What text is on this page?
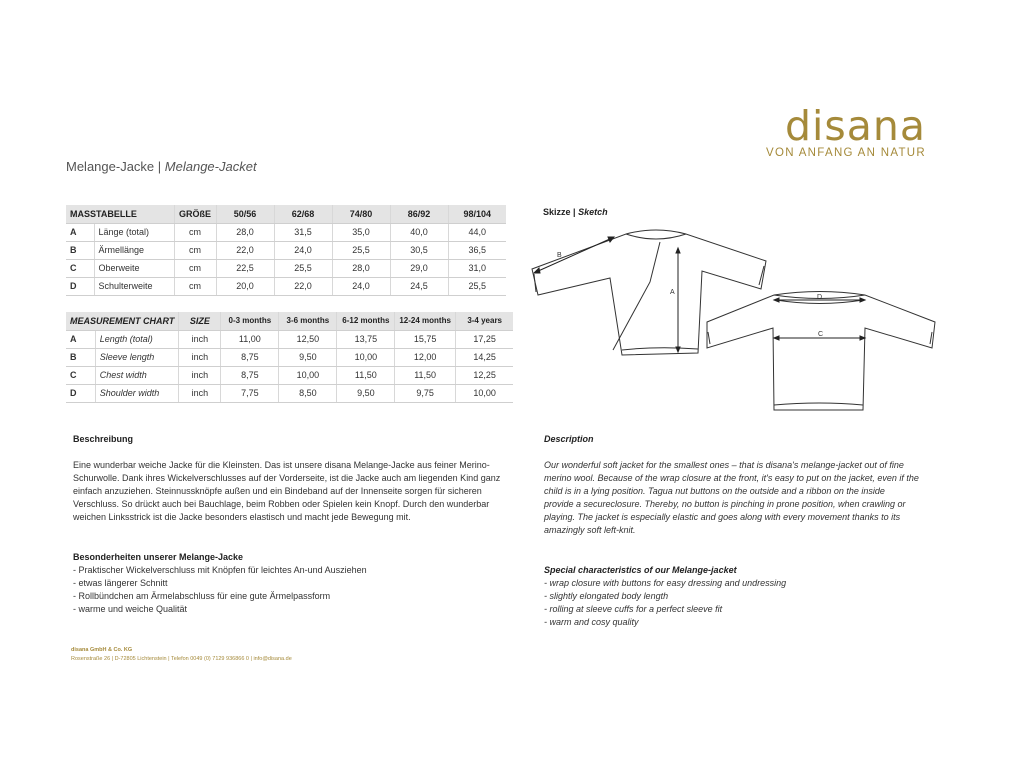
disana
VON ANFANG AN NATUR
Melange-Jacke | Melange-Jacket
MASSTABELLE		GRÖßE	50/56	62/68	74/80	86/92	98/104
A	Länge (total)	cm	28,0	31,5	35,0	40,0	44,0
B	Ärmellänge	cm	22,0	24,0	25,5	30,5	36,5
C	Oberweite	cm	22,5	25,5	28,0	29,0	31,0
D	Schulterweite	cm	20,0	22,0	24,0	24,5	25,5
MEASUREMENT CHART		SIZE	0-3 months	3-6 months	6-12 months	12-24 months	3-4 years
A	Length (total)	inch	11,00	12,50	13,75	15,75	17,25
B	Sleeve length	inch	8,75	9,50	10,00	12,00	14,25
C	Chest width	inch	8,75	10,00	11,50	11,50	12,25
D	Shoulder width	inch	7,75	8,50	9,50	9,75	10,00
Skizze | Sketch
A
B
D
C
Beschreibung

Eine wunderbar weiche Jacke für die Kleinsten. Das ist unsere disana Melange-Jacke aus feiner Merino-

Schurwolle. Dank ihres Wickelverschlusses auf der Vorderseite, ist die Jacke auch am liegenden Kind ganz

einfach anzuziehen. Steinnussknöpfe außen und ein Bindeband auf der Innenseite sorgen für sicheren

Verschluss. So drückt auch bei Bauchlage, beim Robben oder Spielen kein Knopf. Durch den wunderbar

weichen Linksstrick ist die Jacke besonders elastisch und macht jede Bewegung mit.

Description

Our wonderful soft jacket for the smallest ones – that is disana's melange-jacket out of fine

merino wool. Because of the wrap closure at the front, it's easy to put on the jacket, even if the

child is in a lying position. Tagua nut buttons on the outside and a ribbon on the inside

provide a secureclosure. Thereby, no button is pinching in prone position, when crawling or

playing. The jacket is especially elastic and goes along with every movement thanks to its

amazingly soft left-knit.

Besonderheiten unserer Melange-Jacke
- Praktischer Wickelverschluss mit Knöpfen für leichtes An-und Ausziehen
- etwas längerer Schnitt
- Rollbündchen am Ärmelabschluss für eine gute Ärmelpassform
- warme und weiche Qualität
Special characteristics of our Melange-jacket
- wrap closure with buttons for easy dressing and undressing
- slightly elongated body length
- rolling at sleeve cuffs for a perfect sleeve fit
- warm and cosy quality
disana GmbH & Co. KG
Rosenstraße 26 | D-72805 Lichtenstein | Telefon 0049 (0) 7129 936866 0 | info@disana.de
